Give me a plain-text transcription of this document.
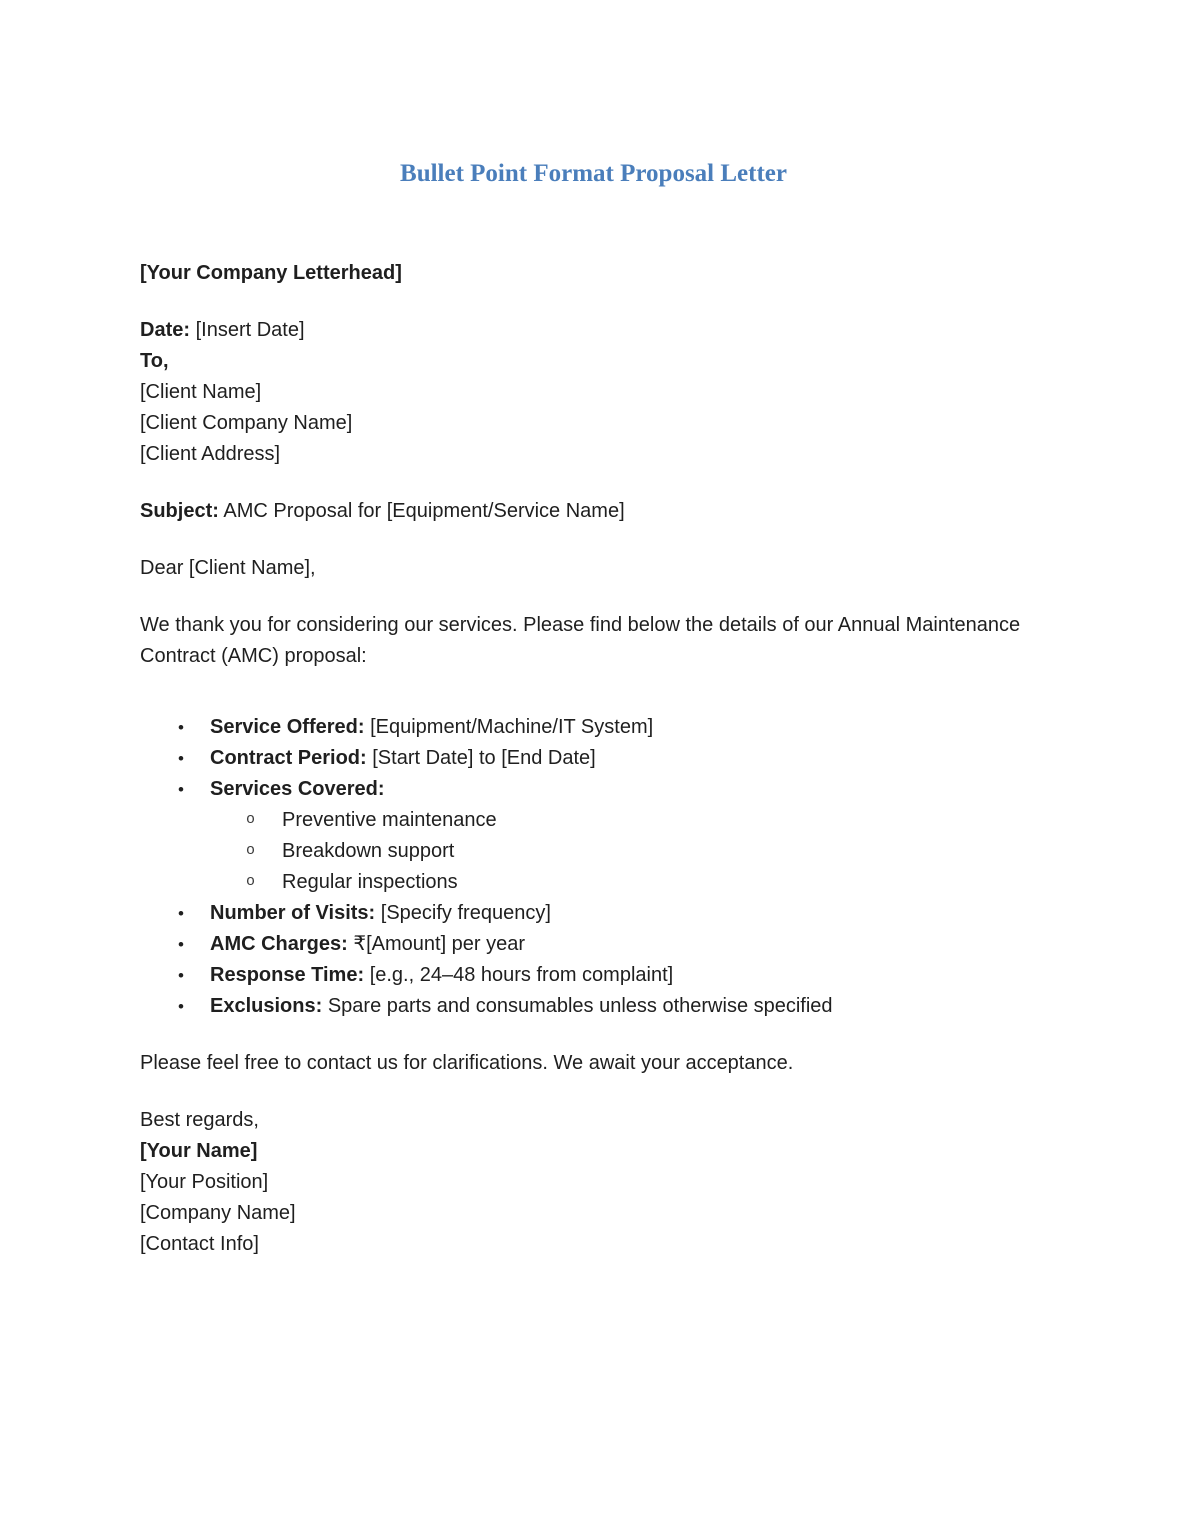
Bullet Point Format Proposal Letter
[Your Company Letterhead]
Date: [Insert Date]
To,
[Client Name]
[Client Company Name]
[Client Address]
Subject: AMC Proposal for [Equipment/Service Name]
Dear [Client Name],
We thank you for considering our services. Please find below the details of our Annual Maintenance Contract (AMC) proposal:
• Service Offered: [Equipment/Machine/IT System]
• Contract Period: [Start Date] to [End Date]
• Services Covered:
o Preventive maintenance
o Breakdown support
o Regular inspections
• Number of Visits: [Specify frequency]
• AMC Charges: ₹[Amount] per year
• Response Time: [e.g., 24–48 hours from complaint]
• Exclusions: Spare parts and consumables unless otherwise specified
Please feel free to contact us for clarifications. We await your acceptance.
Best regards,
[Your Name]
[Your Position]
[Company Name]
[Contact Info]
